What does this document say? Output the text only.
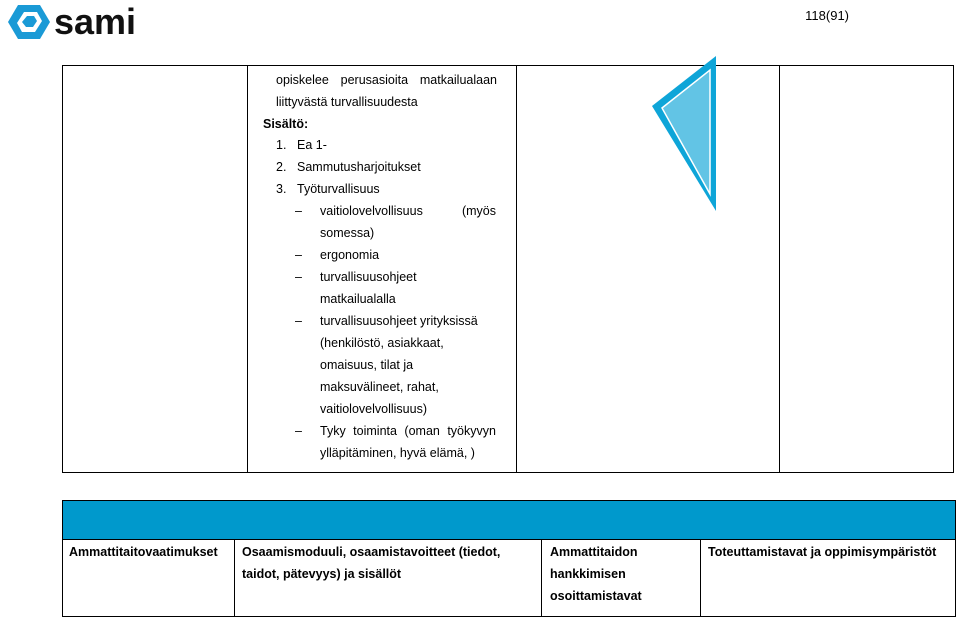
sami	118(91)
opiskelee perusasioita matkailualaan
liittyvästä turvallisuudesta
Sisältö:
1. Ea 1-
2. Sammutusharjoitukset
3. Työturvallisuus
– vaitiolovelvollisuus	(myös
somessa)
– ergonomia
– turvallisuusohjeet
matkailualalla
– turvallisuusohjeet yrityksissä
(henkilöstö, asiakkaat,
omaisuus, tilat ja
maksuvälineet, rahat,
vaitiolovelvollisuus)
– Tyky toiminta (oman työkyvyn
ylläpitäminen, hyvä elämä, )
Ammattitaitovaatimukset Osaamismoduuli, osaamistavoitteet (tiedot,
taidot, pätevyys) ja sisällöt
Ammattitaidon
hankkimisen
osoittamistavat
Toteuttamistavat ja oppimisympäristöt
